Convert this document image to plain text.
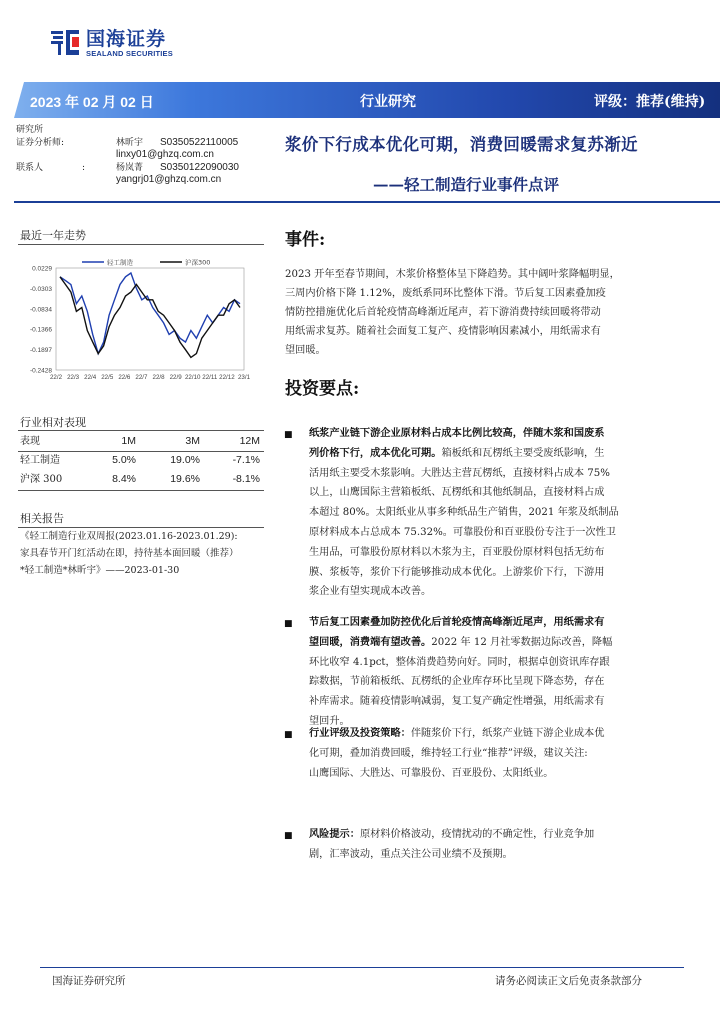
国海证券
SEALAND SECURITIES
2023 年 02 月 02 日	行业研究	评级：推荐(维持)
研究所
证券分析师:	林昕宇 S0350522110005
linxy01@ghzq.com.cn
联系人	:	杨岚菁 S0350122090030
yangrj01@ghzq.com.cn
浆价下行成本优化可期，消费回暖需求复苏渐近
——轻工制造行业事件点评
最近一年走势
0.0229
-0.0303
-0.0834
-0.1366
-0.1897
-0.2428
22/2 22/3 22/4 22/5 22/6 22/7 22/8 22/9 22/10 22/11 22/12 23/1
轻工制造	沪深300
行业相对表现
表现	1M	3M	12M
轻工制造	5.0%	19.0%	-7.1%
沪深 300	8.4%	19.6%	-8.1%
相关报告
《轻工制造行业双周报(2023.01.16-2023.01.29):
家具春节开门红活动在即，持待基本面回暖（推荐）
*轻工制造*林昕宇》——2023-01-30
事件:
2023 开年至春节期间，木浆价格整体呈下降趋势。其中阔叶浆降幅明显，
三周内价格下降 1.12%，废纸系同环比整体下滑。节后复工因素叠加疫
情防控措施优化后首轮疫情高峰渐近尾声，若下游消费持续回暖将带动
用纸需求复苏。随着社会面复工复产、疫情影响因素减小，用纸需求有
望回暖。
投资要点:
■ 纸浆产业链下游企业原材料占成本比例比较高，伴随木浆和国废系
列价格下行，成本优化可期。箱板纸和瓦楞纸主要受废纸影响，生
活用纸主要受木浆影响。大胜达主营瓦楞纸，直接材料占成本 75%
以上，山鹰国际主营箱板纸、瓦楞纸和其他纸制品，直接材料占成
本超过 80%。太阳纸业从事多种纸品生产销售，2021 年浆及纸制品
原材料成本占总成本 75.32%。可靠股份和百亚股份专注于一次性卫
生用品，可靠股份原材料以木浆为主，百亚股份原材料包括无纺布
膜、浆板等，浆价下行能够推动成本优化。上游浆价下行，下游用
浆企业有望实现成本改善。
■ 节后复工因素叠加防控优化后首轮疫情高峰渐近尾声，用纸需求有
望回暖，消费端有望改善。2022 年 12 月社零数据边际改善，降幅
环比收窄 4.1pct，整体消费趋势向好。同时，根据卓创资讯库存跟
踪数据，节前箱板纸、瓦楞纸的企业库存环比呈现下降态势，存在
补库需求。随着疫情影响减弱，复工复产确定性增强，用纸需求有
望回升。
■ 行业评级及投资策略：伴随浆价下行，纸浆产业链下游企业成本优
化可期，叠加消费回暖，维持轻工行业“推荐”评级，建议关注:
山鹰国际、大胜达、可靠股份、百亚股份、太阳纸业。
■ 风险提示：原材料价格波动，疫情扰动的不确定性，行业竞争加
剧，汇率波动，重点关注公司业绩不及预期。
国海证券研究所	请务必阅读正文后免责条款部分
